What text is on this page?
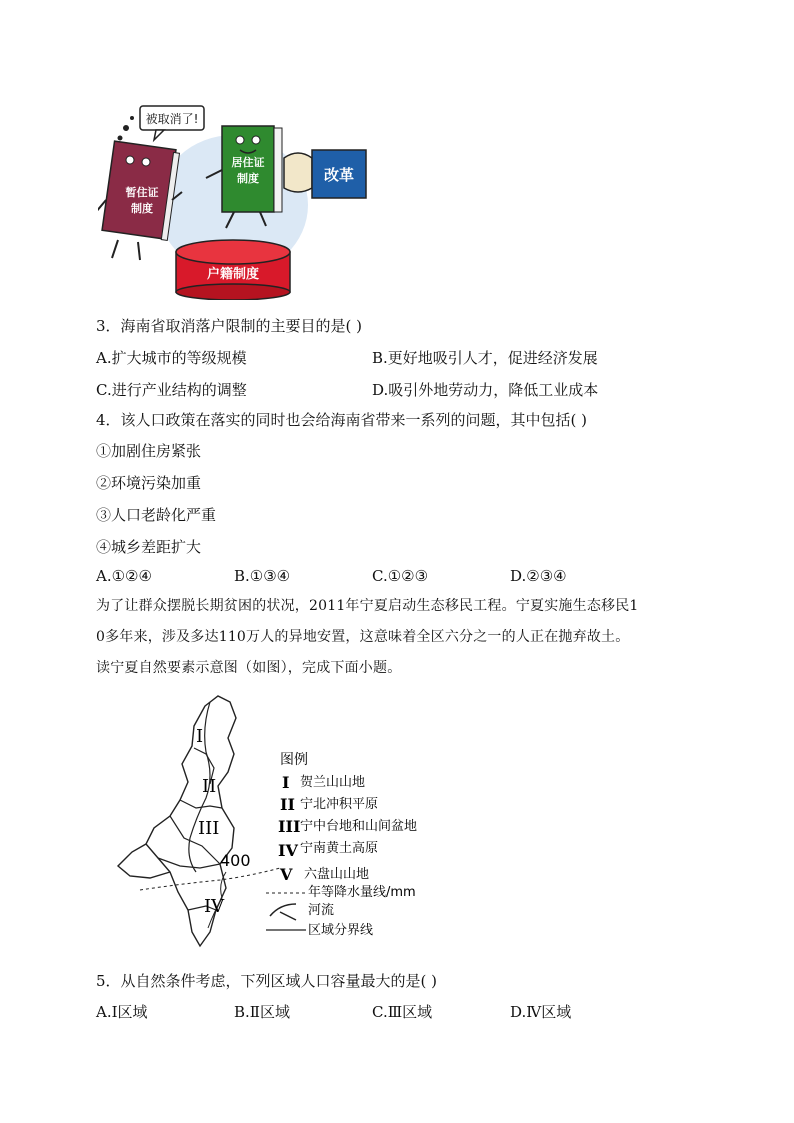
被取消了!
暂住证
制度
居住证
制度	改革
户籍制度
3．海南省取消落户限制的主要目的是( )
A.扩大城市的等级规模	B.更好地吸引人才，促进经济发展
C.进行产业结构的调整	D.吸引外地劳动力，降低工业成本
4．该人口政策在落实的同时也会给海南省带来一系列的问题，其中包括( )
①加剧住房紧张
②环境污染加重
③人口老龄化严重
④城乡差距扩大
A.①②④	B.①③④	C.①②③	D.②③④
为了让群众摆脱长期贫困的状况，2011年宁夏启动生态移民工程。宁夏实施生态移民1
0多年来，涉及多达110万人的异地安置，这意味着全区六分之一的人正在抛弃故土。
读宁夏自然要素示意图（如图），完成下面小题。
I
II
III
IV
400
图例
I 贺兰山山地
II 宁北冲积平原
III 宁中台地和山间盆地
IV 宁南黄土高原
V 六盘山山地
年等降水量线/mm
河流
区域分界线
5．从自然条件考虑，下列区域人口容量最大的是( )
A.Ⅰ区域	B.Ⅱ区域	C.Ⅲ区域	D.Ⅳ区域
